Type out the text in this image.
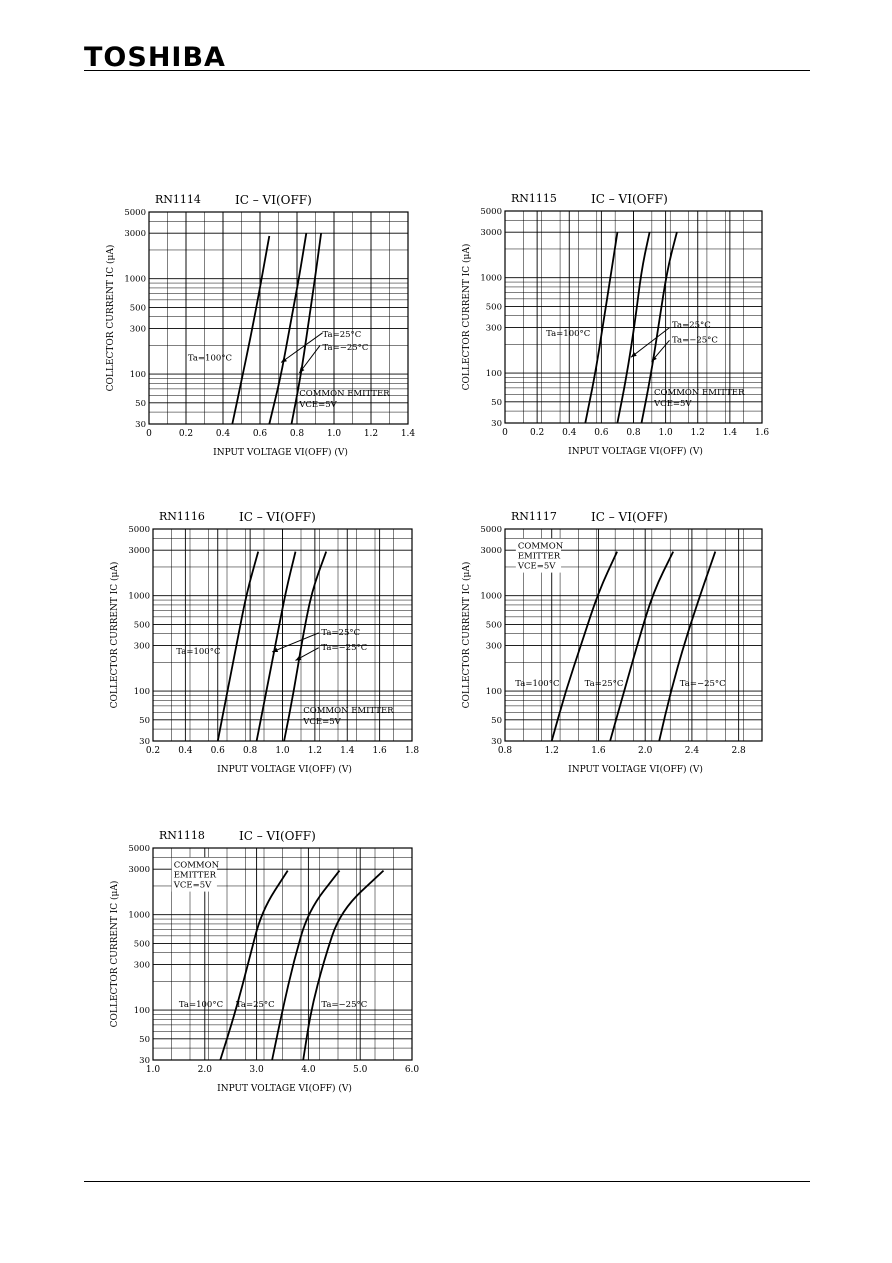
TOSHIBA
0	0.2	0.4	0.6	0.8	1.0	1.2	1.4
30
50
100
300
500
1000
3000
5000
RN1114	IC – VI(OFF)
INPUT VOLTAGE VI(OFF) (V)
COLLECTOR CURRENT IC (μA)	Ta=100°C
Ta=25°C
Ta=−25°C
COMMON EMITTER
VCE=5V
0 0.2 0.4 0.6 0.8 1.0 1.2 1.4 1.6
30
50
100
300
500
1000
3000
5000
RN1115	IC – VI(OFF)
INPUT VOLTAGE VI(OFF) (V)
COLLECTOR CURRENT IC (μA)	Ta=100°C
Ta=25°C
Ta=−25°C
COMMON EMITTER
VCE=5V
0.2 0.4 0.6 0.8 1.0 1.2 1.4 1.6 1.8
30
50
100
300
500
1000
3000
5000
RN1116	IC – VI(OFF)
INPUT VOLTAGE VI(OFF) (V)
COLLECTOR CURRENT IC (μA)	Ta=100°C
Ta=25°C
Ta=−25°C
COMMON EMITTER
VCE=5V
0.8	1.2	1.6	2.0	2.4	2.8
30
50
100
300
500
1000
3000
5000
RN1117	IC – VI(OFF)
INPUT VOLTAGE VI(OFF) (V)
COLLECTOR CURRENT IC (μA)	Ta=100°C	Ta=25°C	Ta=−25°C
COMMON
EMITTER
VCE=5V
1.0	2.0	3.0	4.0	5.0	6.0
30
50
100
300
500
1000
3000
5000
RN1118	IC – VI(OFF)
INPUT VOLTAGE VI(OFF) (V)
COLLECTOR CURRENT IC (μA)	Ta=100°C Ta=25°C	Ta=−25°C
COMMON
EMITTER
VCE=5V
